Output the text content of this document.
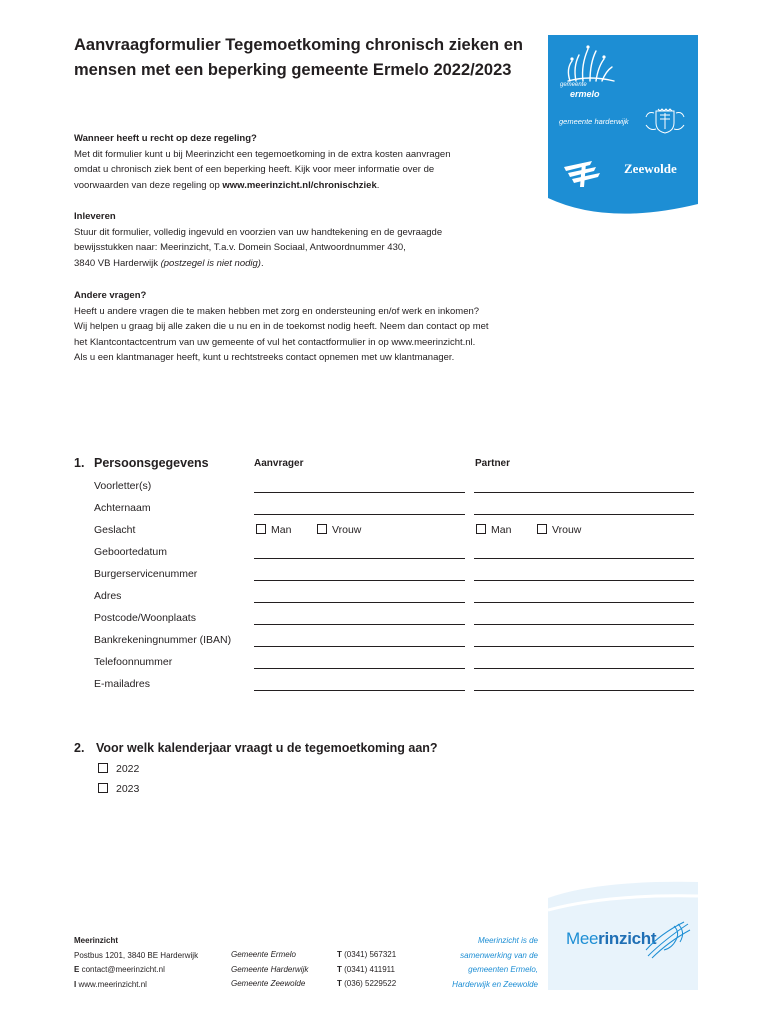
Aanvraagformulier Tegemoetkoming chronisch zieken en
mensen met een beperking gemeente Ermelo 2022/2023
gemeente
ermelo
gemeente harderwijk
Zeewolde

Wanneer heeft u recht op deze regeling?

Met dit formulier kunt u bij Meerinzicht een tegemoetkoming in de extra kosten aanvragen

omdat u chronisch ziek bent of een beperking heeft. Kijk voor meer informatie over de

voorwaarden van deze regeling op www.meerinzicht.nl/chronischziek.

Inleveren

Stuur dit formulier, volledig ingevuld en voorzien van uw handtekening en de gevraagde

bewijsstukken naar: Meerinzicht, T.a.v. Domein Sociaal, Antwoordnummer 430,

3840 VB Harderwijk (postzegel is niet nodig).

Andere vragen?

Heeft u andere vragen die te maken hebben met zorg en ondersteuning en/of werk en inkomen?

Wij helpen u graag bij alle zaken die u nu en in de toekomst nodig heeft. Neem dan contact op met

het Klantcontactcentrum van uw gemeente of vul het contactformulier in op www.meerinzicht.nl.

Als u een klantmanager heeft, kunt u rechtstreeks contact opnemen met uw klantmanager.

1. Persoonsgegevens	Aanvrager	Partner
Voorletter(s)
Achternaam
Geslacht	Man	Vrouw	Man	Vrouw
Geboortedatum
Burgerservicenummer
Adres
Postcode/Woonplaats
Bankrekeningnummer (IBAN)
Telefoonnummer
E-mailadres
2. Voor welk kalenderjaar vraagt u de tegemoetkoming aan?
2022
2023
Meerinzicht
Postbus 1201, 3840 BE Harderwijk
E contact@meerinzicht.nl
I www.meerinzicht.nl
Gemeente Ermelo
Gemeente Harderwijk
Gemeente Zeewolde
T (0341) 567321
T (0341) 411911
T (036) 5229522
Meerinzicht is de
samenwerking van de
gemeenten Ermelo,
Harderwijk en Zeewolde
Meerinzicht
